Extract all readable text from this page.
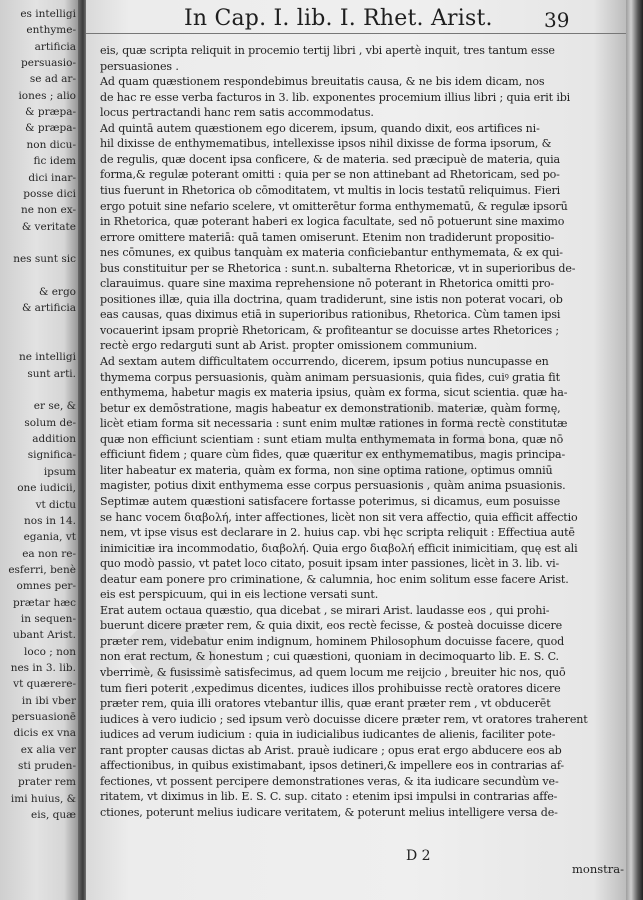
es intelligi
enthyme-
artificia
persuasio-
se ad ar-
iones ; alio
& præpa-
& præpa-
non dicu-
fic idem
dici inar-
posse dici
ne non ex-
& veritate
nes sunt sic
& ergo
& artificia
ne intelligi
sunt arti.
er se, &
solum de-
addition
significa-
ipsum
one iudicii,
vt dictu
nos in 14.
egania, vt
ea non re-
esferri, benè
omnes per-
prætar hæc
in sequen-
ubant Arist.
loco ; non
nes in 3. lib.
vt quærere-
in ibi vber
persuasionē
dicis ex vna
ex alia ver
sti pruden-
prater rem
imi huius, &
eis, quæ
In Cap. I. lib. I. Rhet. Arist.	39
eis, quæ scripta reliquit in procemio tertij libri , vbi apertè inquit, tres tantum esse
persuasiones .
Ad quam quæstionem respondebimus breuitatis causa, & ne bis idem dicam, nos
de hac re esse verba facturos in 3. lib. exponentes procemium illius libri ; quia erit ibi
locus pertractandi hanc rem satis accommodatus.
Ad quintā autem quæstionem ego dicerem, ipsum, quando dixit, eos artifices ni-
hil dixisse de enthymematibus, intellexisse ipsos nihil dixisse de forma ipsorum, &
de regulis, quæ docent ipsa conficere, & de materia. sed præcipuè de materia, quia
forma,& regulæ poterant omitti : quia per se non attinebant ad Rhetoricam, sed po-
tius fuerunt in Rhetorica ob cōmoditatem, vt multis in locis testatū reliquimus. Fieri
ergo potuit sine nefario scelere, vt omitterētur forma enthymematū, & regulæ ipsorū
in Rhetorica, quæ poterant haberi ex logica facultate, sed nō potuerunt sine maximo
errore omittere materiā: quā tamen omiserunt. Etenim non tradiderunt propositio-
nes cōmunes, ex quibus tanquàm ex materia conficiebantur enthymemata, & ex qui-
bus constituitur per se Rhetorica : sunt.n. subalterna Rhetoricæ, vt in superioribus de-
clarauimus. quare sine maxima reprehensione nō poterant in Rhetorica omitti pro-
positiones illæ, quia illa doctrina, quam tradiderunt, sine istis non poterat vocari, ob
eas causas, quas diximus etiā in superioribus rationibus, Rhetorica. Cùm tamen ipsi
vocauerint ipsam propriè Rhetoricam, & profiteantur se docuisse artes Rhetorices ;
rectè ergo redarguti sunt ab Arist. propter omissionem communium.
Ad sextam autem difficultatem occurrendo, dicerem, ipsum potius nuncupasse en
thymema corpus persuasionis, quàm animam persuasionis, quia fides, cuiꝰ gratia fit
enthymema, habetur magis ex materia ipsius, quàm ex forma, sicut scientia. quæ ha-
betur ex demōstratione, magis habeatur ex demonstrationib. materiæ, quàm formę,
licèt etiam forma sit necessaria : sunt enim multæ rationes in forma rectè constitutæ
quæ non efficiunt scientiam : sunt etiam multa enthymemata in forma bona, quæ nō
efficiunt fidem ; quare cùm fides, quæ quæritur ex enthymematibus, magis principa-
liter habeatur ex materia, quàm ex forma, non sine optima ratione, optimus omniū
magister, potius dixit enthymema esse corpus persuasionis , quàm anima psuasionis.
Septimæ autem quæstioni satisfacere fortasse poterimus, si dicamus, eum posuisse
se hanc vocem διαβολή, inter affectiones, licèt non sit vera affectio, quia efficit affectio
nem, vt ipse visus est declarare in 2. huius cap. vbi hęc scripta reliquit : Effectiua autē
inimicitiæ ira incommodatio, διαβολή. Quia ergo διαβολή efficit inimicitiam, quę est ali
quo modò passio, vt patet loco citato, posuit ipsam inter passiones, licèt in 3. lib. vi-
deatur eam ponere pro criminatione, & calumnia, hoc enim solitum esse facere Arist.
eis est perspicuum, qui in eis lectione versati sunt.
Erat autem octaua quæstio, qua dicebat , se mirari Arist. laudasse eos , qui prohi-
buerunt dicere præter rem, & quia dixit, eos rectè fecisse, & posteà docuisse dicere
præter rem, videbatur enim indignum, hominem Philosophum docuisse facere, quod
non erat rectum, & honestum ; cui quæstioni, quoniam in decimoquarto lib. E. S. C.
vberrimè, & fusissimè satisfecimus, ad quem locum me reijcio , breuiter hic nos, quō
tum fieri poterit ,expedimus dicentes, iudices illos prohibuisse rectè oratores dicere
præter rem, quia illi oratores vtebantur illis, quæ erant præter rem , vt obducerēt
iudices à vero iudicio ; sed ipsum verò docuisse dicere præter rem, vt oratores traherent
iudices ad verum iudicium : quia in iudicialibus iudicantes de alienis, faciliter pote-
rant propter causas dictas ab Arist. prauè iudicare ; opus erat ergo abducere eos ab
affectionibus, in quibus existimabant, ipsos detineri,& impellere eos in contrarias af-
fectiones, vt possent percipere demonstrationes veras, & ita iudicare secundùm ve-
ritatem, vt diximus in lib. E. S. C. sup. citato : etenim ipsi impulsi in contrarias affe-
ctiones, poterunt melius iudicare veritatem, & poterunt melius intelligere versa de-
D 2
monstra-
